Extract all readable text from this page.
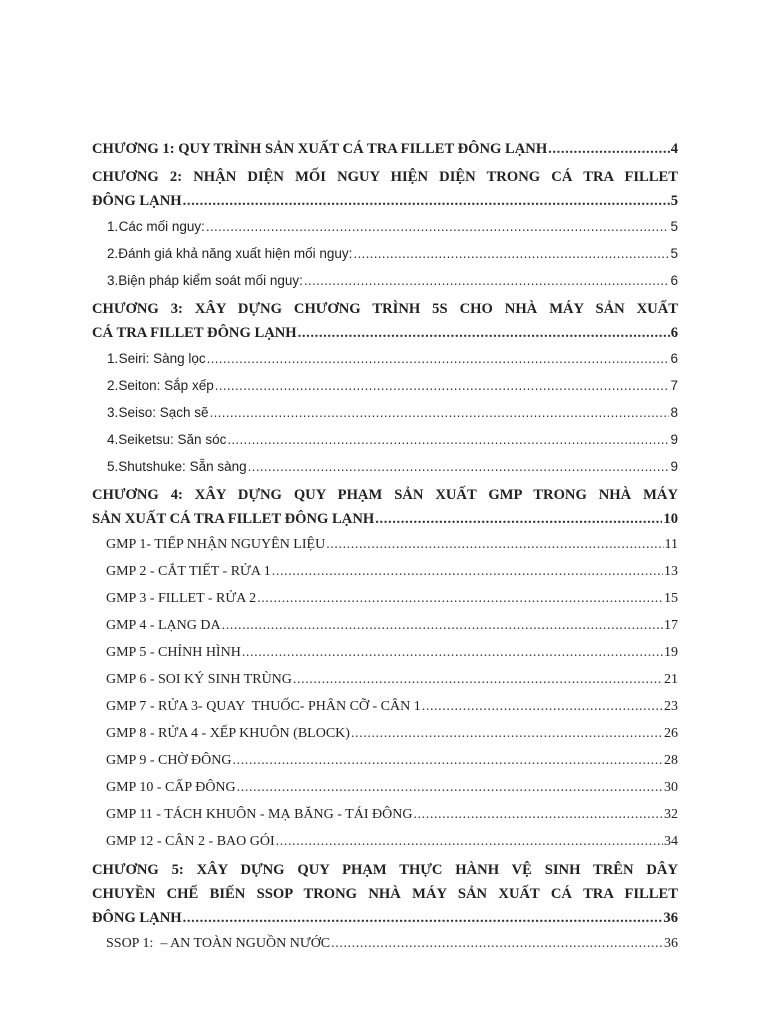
CHƯƠNG 1: QUY TRÌNH SẢN XUẤT CÁ TRA FILLET ĐÔNG LẠNH .....	4
CHƯƠNG 2: NHẬN DIỆN MỐI NGUY HIỆN DIỆN TRONG CÁ TRA FILLET
ĐÔNG LẠNH .....	5
1. Các mối nguy: .....	5
2. Đánh giá khả năng xuất hiện mối nguy: .....	5
3. Biện pháp kiểm soát mối nguy: .....	6
CHƯƠNG 3: XÂY DỰNG CHƯƠNG TRÌNH 5S CHO NHÀ MÁY SẢN XUẤT
CÁ TRA FILLET ĐÔNG LẠNH .....	6
1. Seiri: Sàng lọc .....	6
2. Seiton: Sắp xếp .....	7
3. Seiso: Sạch sẽ .....	8
4. Seiketsu: Săn sóc .....	9
5. Shutshuke: Sẵn sàng .....	9
CHƯƠNG 4: XÂY DỰNG QUY PHẠM SẢN XUẤT GMP TRONG NHÀ MÁY
SẢN XUẤT CÁ TRA FILLET ĐÔNG LẠNH .....	10
GMP 1- TIẾP NHẬN NGUYÊN LIỆU .....	11
GMP 2 - CẮT TIẾT - RỬA 1 .....	13
GMP 3 - FILLET - RỬA 2 .....	15
GMP 4 - LẠNG DA .....	17
GMP 5 - CHỈNH HÌNH .....	19
GMP 6 - SOI KÝ SINH TRÙNG .....	21
GMP 7 - RỬA 3- QUAY  THUỐC- PHÂN CỠ - CÂN 1 .....	23
GMP 8 - RỬA 4 - XẾP KHUÔN (BLOCK) .....	26
GMP 9 - CHỜ ĐÔNG .....	28
GMP 10 - CẤP ĐÔNG .....	30
GMP 11 - TÁCH KHUÔN - MẠ BĂNG - TÁI ĐÔNG .....	32
GMP 12 - CÂN 2 - BAO GÓI .....	34
CHƯƠNG 5: XÂY DỰNG QUY PHẠM THỰC HÀNH VỆ SINH TRÊN DÂY
CHUYỀN CHẾ BIẾN SSOP TRONG NHÀ MÁY SẢN XUẤT CÁ TRA FILLET
ĐÔNG LẠNH .....	36
SSOP 1:  – AN TOÀN NGUỒN NƯỚC .....	36
